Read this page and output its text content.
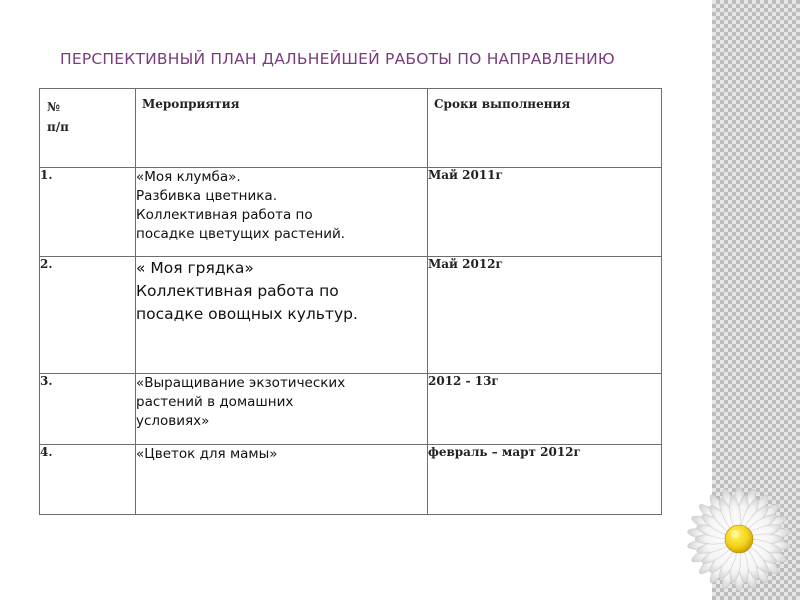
ПЕРСПЕКТИВНЫЙ ПЛАН ДАЛЬНЕЙШЕЙ РАБОТЫ ПО НАПРАВЛЕНИЮ
№
п/п	Мероприятия	Сроки выполнения
1.	«Моя клумба».
Разбивка цветника.
Коллективная работа по
посадке цветущих растений.	Май 2011г
2.	« Моя грядка»
Коллективная работа по
посадке овощных культур.	Май 2012г
3.	«Выращивание экзотических
растений в домашних
условиях»	2012 - 13г
4.	«Цветок для мамы»	февраль – март 2012г
